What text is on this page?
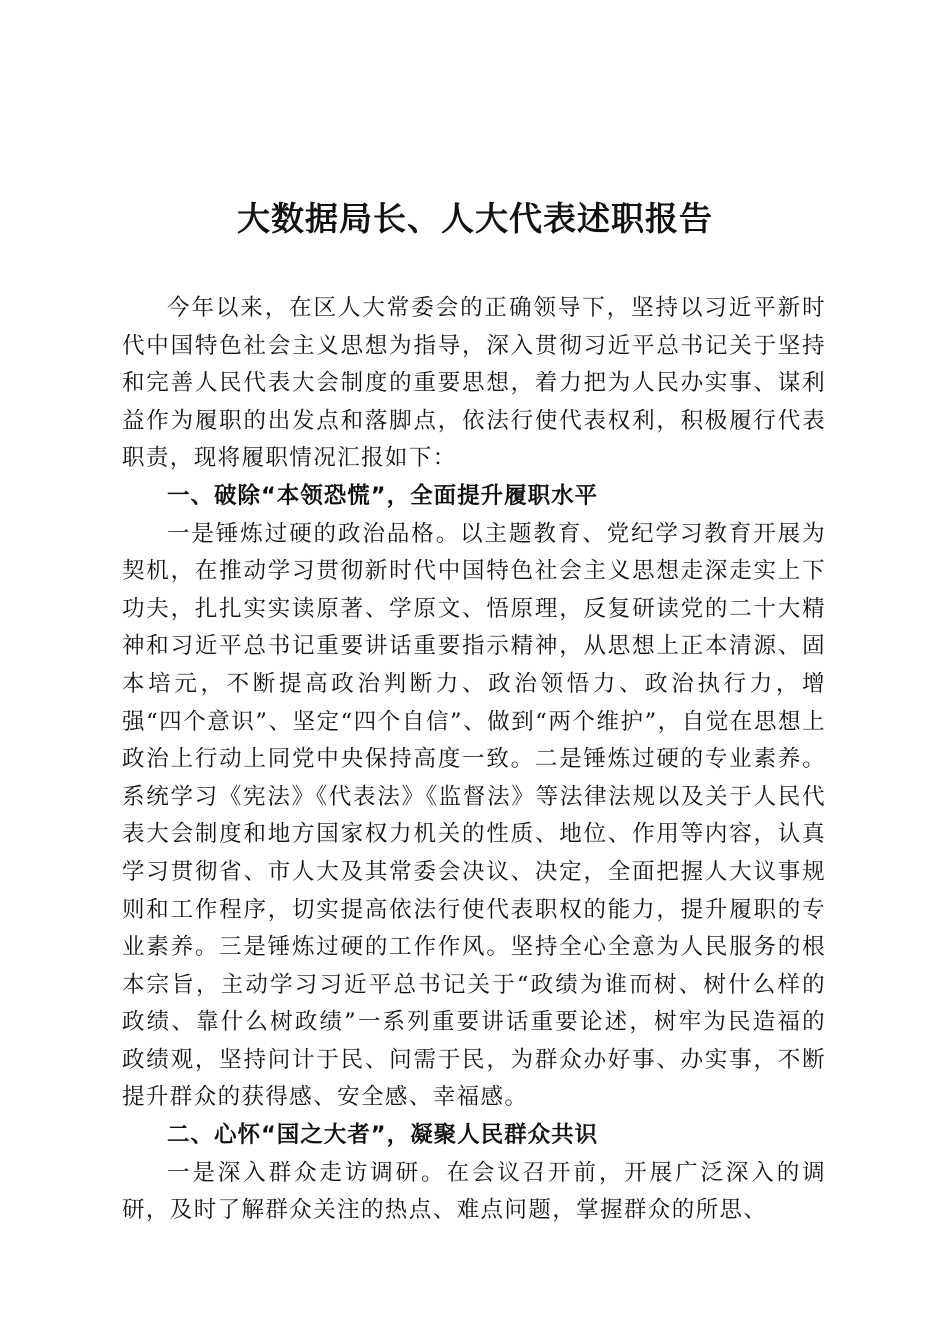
大数据局长、人大代表述职报告

今年以来，在区人大常委会的正确领导下，坚持以习近平新时代中国特色社会主义思想为指导，深入贯彻习近平总书记关于坚持和完善人民代表大会制度的重要思想，着力把为人民办实事、谋利益作为履职的出发点和落脚点，依法行使代表权利，积极履行代表职责，现将履职情况汇报如下：

一、破除“本领恐慌”，全面提升履职水平

一是锤炼过硬的政治品格。以主题教育、党纪学习教育开展为契机，在推动学习贯彻新时代中国特色社会主义思想走深走实上下功夫，扎扎实实读原著、学原文、悟原理，反复研读党的二十大精神和习近平总书记重要讲话重要指示精神，从思想上正本清源、固本培元，不断提高政治判断力、政治领悟力、政治执行力，增强“四个意识”、坚定“四个自信”、做到“两个维护”，自觉在思想上政治上行动上同党中央保持高度一致。二是锤炼过硬的专业素养。系统学习《宪法》《代表法》《监督法》等法律法规以及关于人民代表大会制度和地方国家权力机关的性质、地位、作用等内容，认真学习贯彻省、市人大及其常委会决议、决定，全面把握人大议事规则和工作程序，切实提高依法行使代表职权的能力，提升履职的专业素养。三是锤炼过硬的工作作风。坚持全心全意为人民服务的根本宗旨，主动学习习近平总书记关于“政绩为谁而树、树什么样的政绩、靠什么树政绩”一系列重要讲话重要论述，树牢为民造福的政绩观，坚持问计于民、问需于民，为群众办好事、办实事，不断提升群众的获得感、安全感、幸福感。

二、心怀“国之大者”，凝聚人民群众共识

一是深入群众走访调研。在会议召开前，开展广泛深入的调研，及时了解群众关注的热点、难点问题，掌握群众的所思、
